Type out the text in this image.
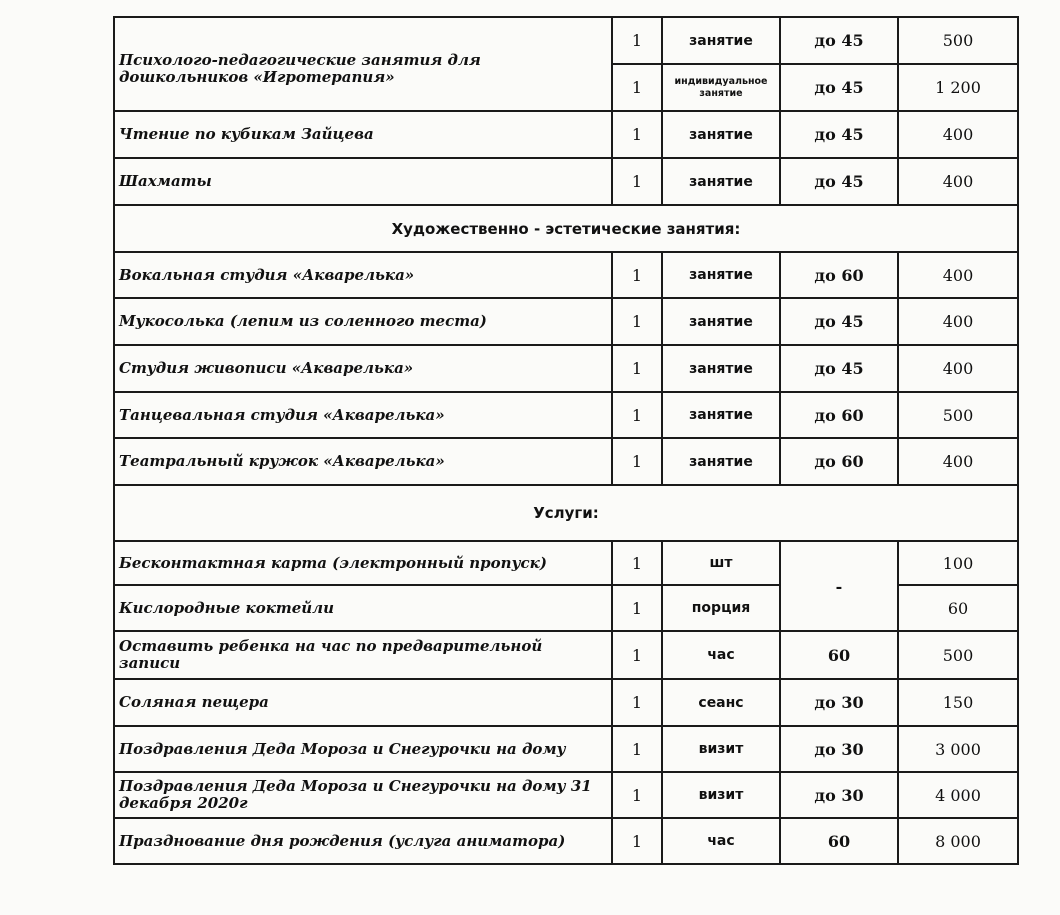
Психолого-педагогические занятия для дошкольников «Игротерапия»	1	занятие	до 45	500
	1	индивидуальное занятие	до 45	1 200
Чтение по кубикам Зайцева	1	занятие	до 45	400
Шахматы	1	занятие	до 45	400
Художественно - эстетические занятия:				
Вокальная студия «Акварелька»	1	занятие	до 60	400
Мукосолька (лепим из соленного теста)	1	занятие	до 45	400
Студия живописи «Акварелька»	1	занятие	до 45	400
Танцевальная студия «Акварелька»	1	занятие	до 60	500
Театральный кружок «Акварелька»	1	занятие	до 60	400
Услуги:				
Бесконтактная карта (электронный пропуск)	1	шт	-	100
Кислородные коктейли	1	порция		60
Оставить ребенка на час по предварительной записи	1	час	60	500
Соляная пещера	1	сеанс	до 30	150
Поздравления Деда Мороза и Снегурочки на дому	1	визит	до 30	3 000
Поздравления Деда Мороза и Снегурочки на дому 31 декабря 2020г	1	визит	до 30	4 000
Празднование дня рождения (услуга аниматора)	1	час	60	8 000
